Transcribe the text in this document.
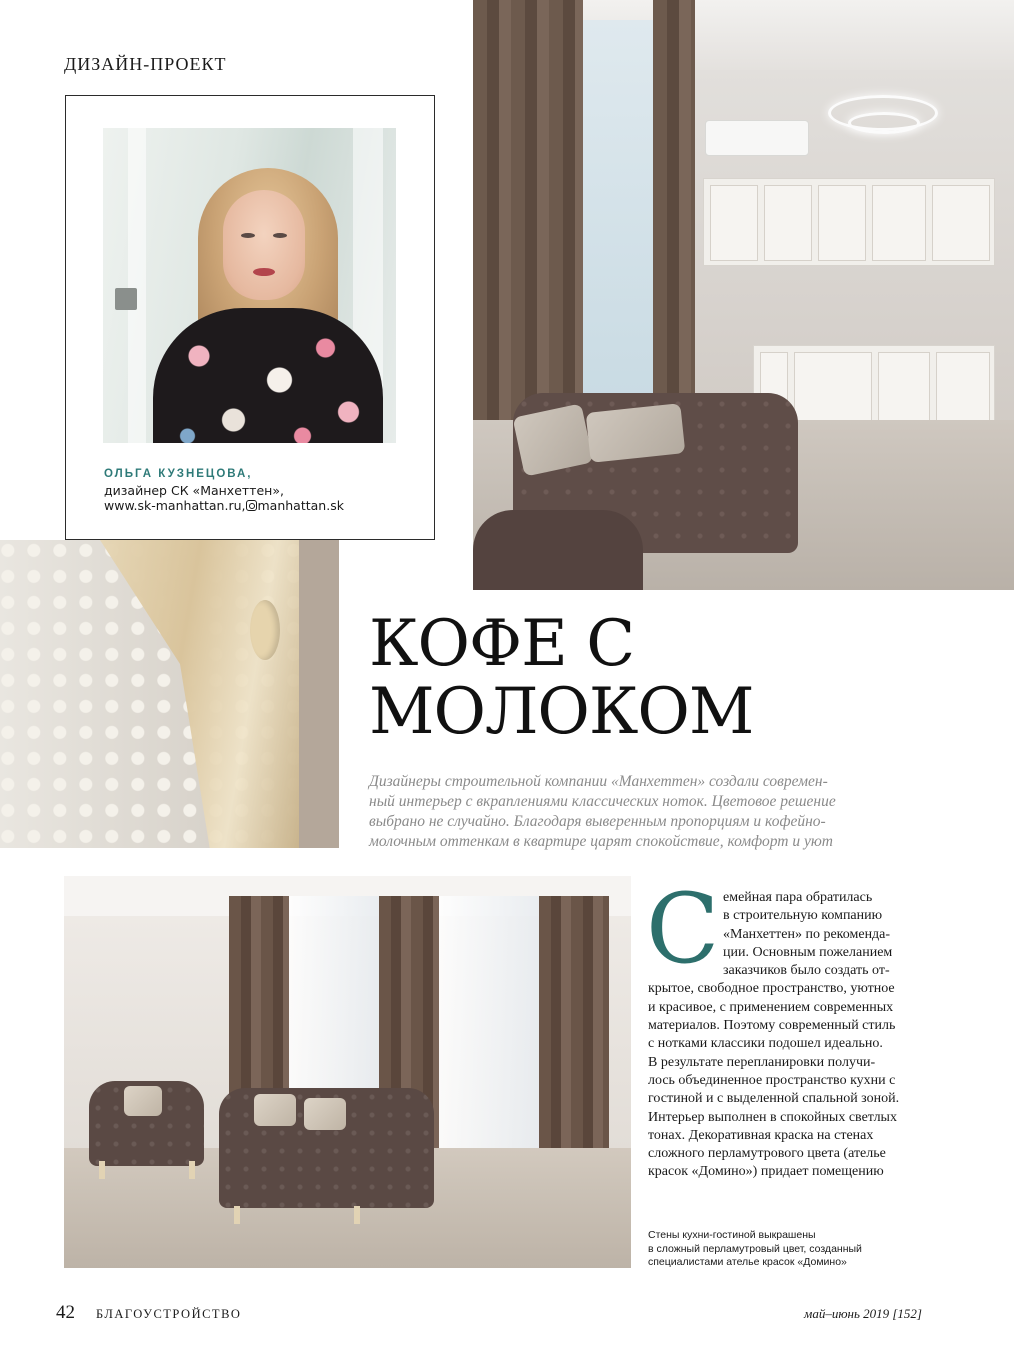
ДИЗАЙН-ПРОЕКТ
ОЛЬГА КУЗНЕЦОВА,
дизайнер СК «Манхеттен»,
www.sk-manhattan.ru, manhattan.sk
КОФЕ С
МОЛОКОМ
Дизайнеры строительной компании «Манхеттен» создали современ-
ный интерьер с вкраплениями классических ноток. Цветовое решение
выбрано не случайно. Благодаря выверенным пропорциям и кофейно-
молочным оттенкам в квартире царят спокойствие, комфорт и уют
С емейная пара обратилась
в строительную компанию
«Манхеттен» по рекоменда-
ции. Основным пожеланием
заказчиков было создать от-
крытое, свободное пространство, уютное
и красивое, с применением современных
материалов. Поэтому современный стиль
с нотками классики подошел идеально.
В результате перепланировки получи-
лось объединенное пространство кухни с
гостиной и с выделенной спальной зоной.
Интерьер выполнен в спокойных светлых
тонах. Декоративная краска на стенах
сложного перламутрового цвета (ателье
красок «Домино») придает помещению
Стены кухни-гостиной выкрашены
в сложный перламутровый цвет, созданный
специалистами ателье красок «Домино»
42 БЛАГОУСТРОЙСТВО	май–июнь 2019 [152]
